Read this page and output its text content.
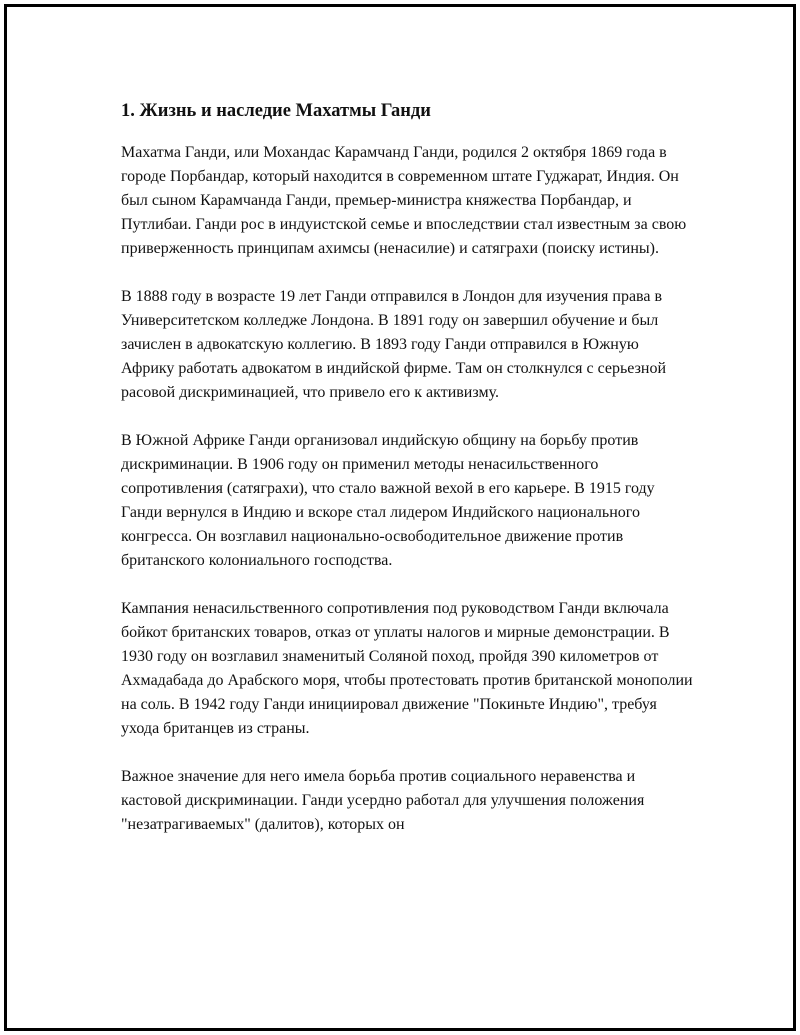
1. Жизнь и наследие Махатмы Ганди

Махатма Ганди, или Мохандас Карамчанд Ганди, родился 2 октября 1869 года в городе Порбандар, который находится в современном штате Гуджарат, Индия. Он был сыном Карамчанда Ганди, премьер-министра княжества Порбандар, и Путлибаи. Ганди рос в индуистской семье и впоследствии стал известным за свою приверженность принципам ахимсы (ненасилие) и сатяграхи (поиску истины).

В 1888 году в возрасте 19 лет Ганди отправился в Лондон для изучения права в Университетском колледже Лондона. В 1891 году он завершил обучение и был зачислен в адвокатскую коллегию. В 1893 году Ганди отправился в Южную Африку работать адвокатом в индийской фирме. Там он столкнулся с серьезной расовой дискриминацией, что привело его к активизму.

В Южной Африке Ганди организовал индийскую общину на борьбу против дискриминации. В 1906 году он применил методы ненасильственного сопротивления (сатяграхи), что стало важной вехой в его карьере. В 1915 году Ганди вернулся в Индию и вскоре стал лидером Индийского национального конгресса. Он возглавил национально-освободительное движение против британского колониального господства.

Кампания ненасильственного сопротивления под руководством Ганди включала бойкот британских товаров, отказ от уплаты налогов и мирные демонстрации. В 1930 году он возглавил знаменитый Соляной поход, пройдя 390 километров от Ахмадабада до Арабского моря, чтобы протестовать против британской монополии на соль. В 1942 году Ганди инициировал движение "Покиньте Индию", требуя ухода британцев из страны.

Важное значение для него имела борьба против социального неравенства и кастовой дискриминации. Ганди усердно работал для улучшения положения "незатрагиваемых" (далитов), которых он
